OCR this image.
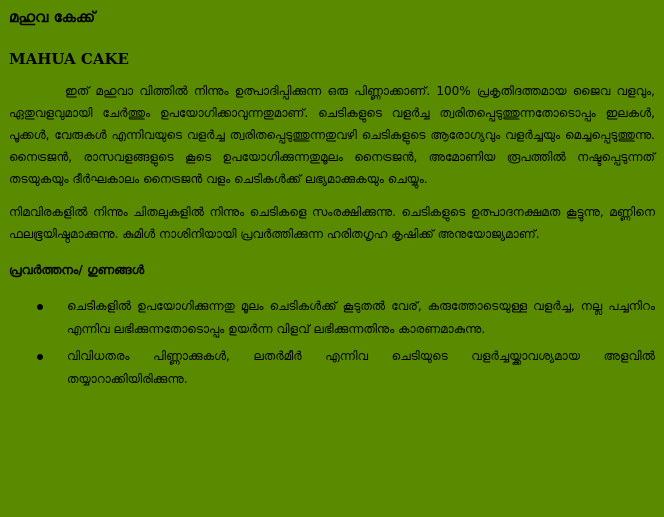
മഹുവ കേക്ക്
MAHUA CAKE

ഇത് മഹുവാ വിത്തിൽ നിന്നും ഉത്പാദിപ്പിക്കുന്ന ഒരു പിണ്ണാക്കാണ്. 100% പ്രകൃതിദത്തമായ ജൈവ വളവും, ഏതുവളവുമായി ചേർത്തും ഉപയോഗിക്കാവുന്നതുമാണ്. ചെടികളുടെ വളർച്ച ത്വരിതപ്പെടുത്തുന്നതോടൊപ്പം ഇലകൾ, പൂക്കൾ, വേരുകൾ എന്നിവയുടെ വളർച്ച ത്വരിതപ്പെടുത്തുന്നതുവഴി ചെടികളുടെ ആരോഗ്യവും വളർച്ചയും മെച്ചപ്പെടുത്തുന്നു. നൈട്രജൻ, രാസവളങ്ങളുടെ കൂടെ ഉപയോഗിക്കുന്നതുമൂലം നൈട്രജൻ, അമോണിയ രൂപത്തിൽ നഷ്ടപ്പെടുന്നത് തടയുകയും ദീർഘകാലം നൈട്രജൻ വളം ചെടികൾക്ക് ലഭ്യമാക്കുകയും ചെയ്യും.

നിമവിരകളിൽ നിന്നും ചിതലുകളിൽ നിന്നും ചെടികളെ സംരക്ഷിക്കുന്നു. ചെടികളുടെ ഉത്പാദനക്ഷമത കൂട്ടുന്നു, മണ്ണിനെ ഫലഭൂയിഷ്ഠമാക്കുന്നു. കുമിൾ നാശിനിയായി പ്രവർത്തിക്കുന്ന ഹരിതഗൃഹ കൃഷിക്ക് അനുയോജ്യമാണ്.

പ്രവർത്തനം/ ഗുണങ്ങൾ
ചെടികളിൽ ഉപയോഗിക്കുന്നതു മൂലം ചെടികൾക്ക് കൂടുതൽ വേര്, കരുത്തോടെയുള്ള വളർച്ച, നല്ല പച്ചനിറം എന്നിവ ലഭിക്കുന്നതോടൊപ്പം ഉയർന്ന വിളവ് ലഭിക്കുന്നതിനും കാരണമാകുന്നു.
വിവിധതരം പിണ്ണാക്കുകൾ, ലതർമീർ എന്നിവ ചെടിയുടെ വളർച്ചയ്ക്കാവശ്യമായ അളവിൽ തയ്യാറാക്കിയിരിക്കുന്നു.
